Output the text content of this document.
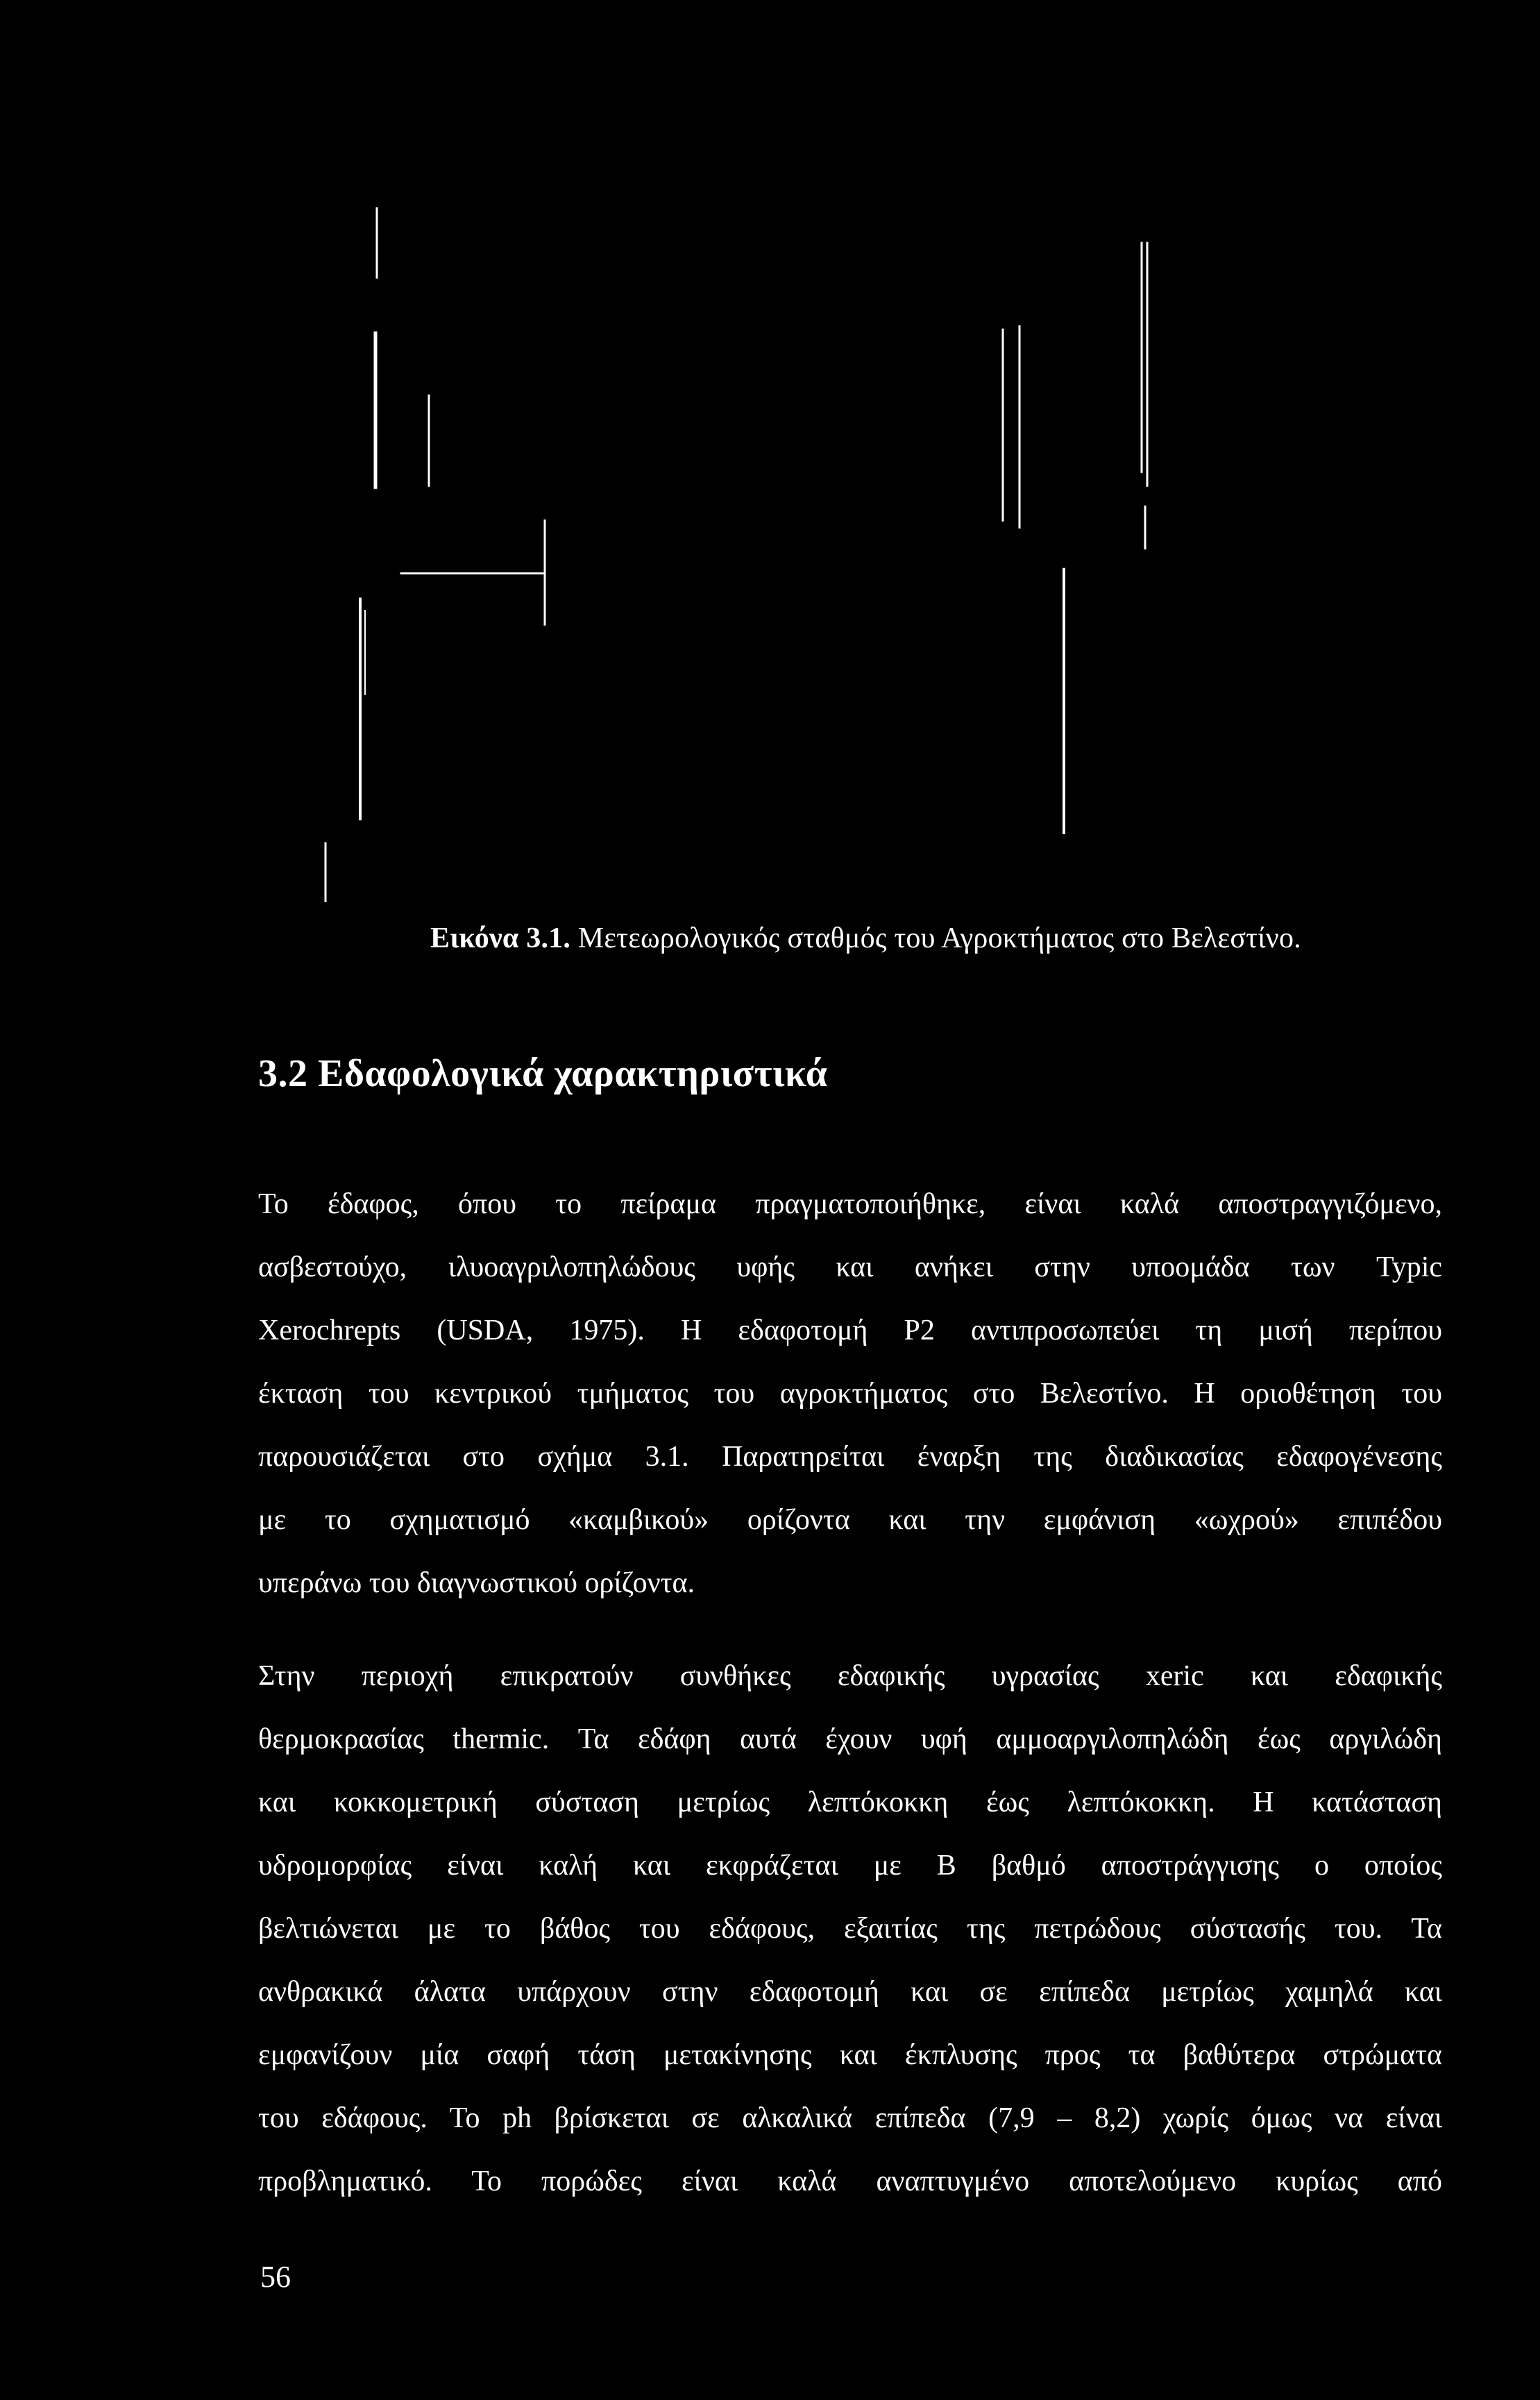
Εικόνα 3.1. Μετεωρολογικός σταθμός του Αγροκτήματος στο Βελεστίνο.
3.2 Εδαφολογικά χαρακτηριστικά
Το έδαφος, όπου το πείραμα πραγματοποιήθηκε, είναι καλά αποστραγγιζόμενο,
ασβεστούχο, ιλυοαγριλοπηλώδους υφής και ανήκει στην υποομάδα των Typic
Xerochrepts (USDA, 1975). Η εδαφοτομή Ρ2 αντιπροσωπεύει τη μισή περίπου
έκταση του κεντρικού τμήματος του αγροκτήματος στο Βελεστίνο. Η οριοθέτηση του
παρουσιάζεται στο σχήμα 3.1. Παρατηρείται έναρξη της διαδικασίας εδαφογένεσης
με το σχηματισμό «καμβικού» ορίζοντα και την εμφάνιση «ωχρού» επιπέδου
υπεράνω του διαγνωστικού ορίζοντα.
Στην περιοχή επικρατούν συνθήκες εδαφικής υγρασίας xeric και εδαφικής
θερμοκρασίας thermic. Τα εδάφη αυτά έχουν υφή αμμοαργιλοπηλώδη έως αργιλώδη
και κοκκομετρική σύσταση μετρίως λεπτόκοκκη έως λεπτόκοκκη. Η κατάσταση
υδρομορφίας είναι καλή και εκφράζεται με Β βαθμό αποστράγγισης ο οποίος
βελτιώνεται με το βάθος του εδάφους, εξαιτίας της πετρώδους σύστασής του. Τα
ανθρακικά άλατα υπάρχουν στην εδαφοτομή και σε επίπεδα μετρίως χαμηλά και
εμφανίζουν μία σαφή τάση μετακίνησης και έκπλυσης προς τα βαθύτερα στρώματα
του εδάφους. Το ph βρίσκεται σε αλκαλικά επίπεδα (7,9 – 8,2) χωρίς όμως να είναι
προβληματικό. Το πορώδες είναι καλά αναπτυγμένο αποτελούμενο κυρίως από
56
